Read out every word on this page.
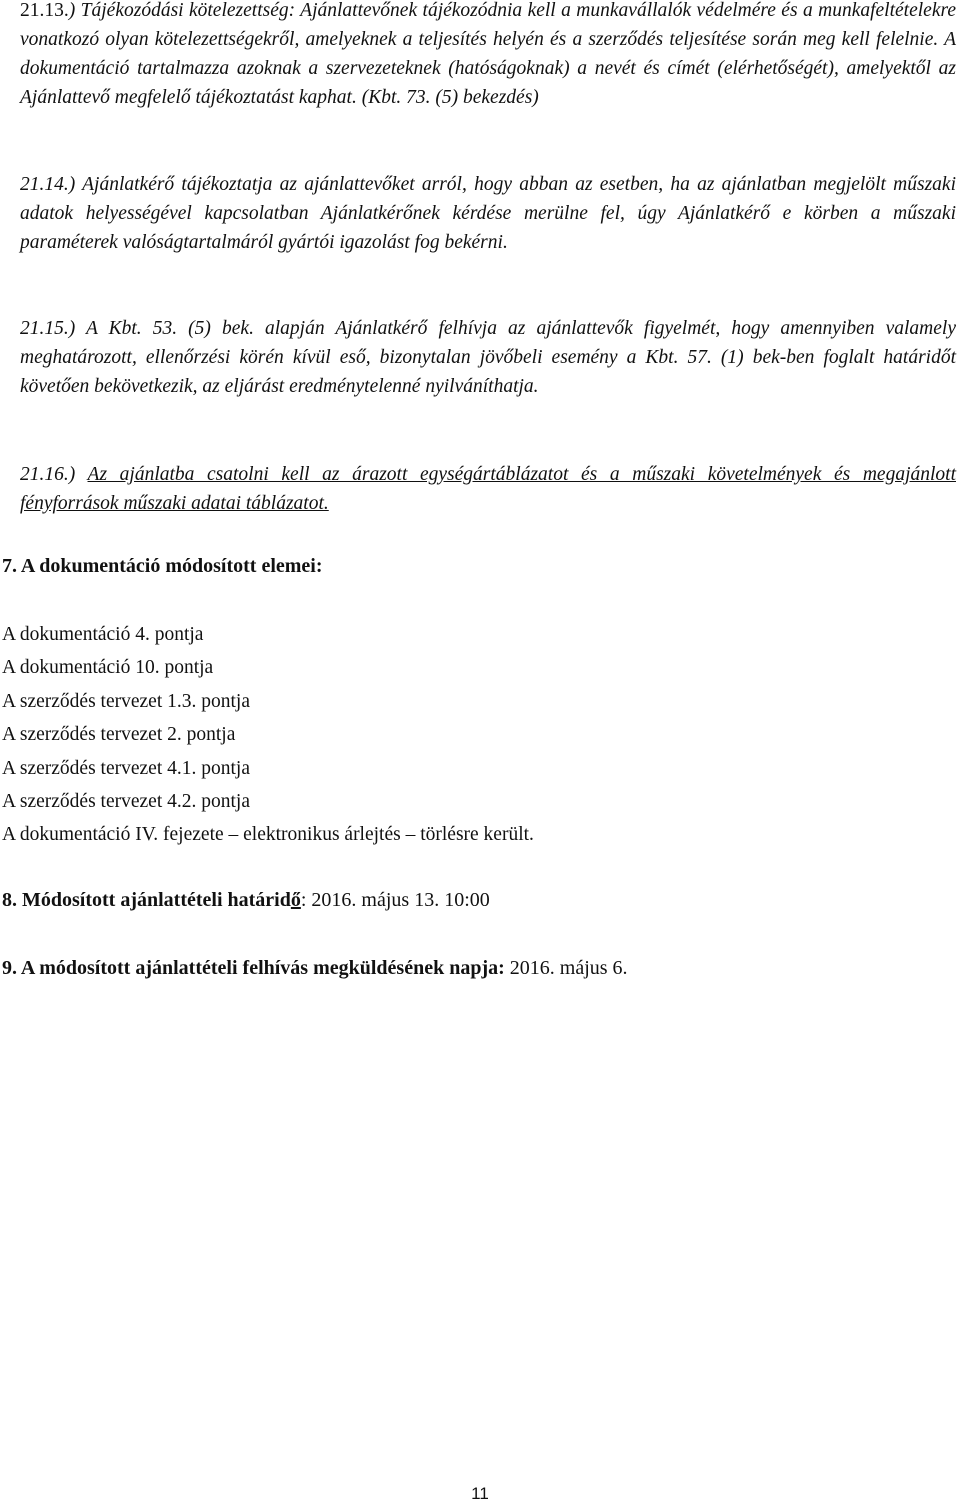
21.13.) Tájékozódási kötelezettség: Ajánlattevőnek tájékozódnia kell a munkavállalók védelmére és a munkafeltételekre vonatkozó olyan kötelezettségekről, amelyeknek a teljesítés helyén és a szerződés teljesítése során meg kell felelnie. A dokumentáció tartalmazza azoknak a szervezeteknek (hatóságoknak) a nevét és címét (elérhetőségét), amelyektől az Ajánlattevő megfelelő tájékoztatást kaphat. (Kbt. 73. (5) bekezdés)

21.14.) Ajánlatkérő tájékoztatja az ajánlattevőket arról, hogy abban az esetben, ha az ajánlatban megjelölt műszaki adatok helyességével kapcsolatban Ajánlatkérőnek kérdése merülne fel, úgy Ajánlatkérő e körben a műszaki paraméterek valóságtartalmáról gyártói igazolást fog bekérni.

21.15.) A Kbt. 53. (5) bek. alapján Ajánlatkérő felhívja az ajánlattevők figyelmét, hogy amennyiben valamely meghatározott, ellenőrzési körén kívül eső, bizonytalan jövőbeli esemény a Kbt. 57. (1) bek-ben foglalt határidőt követően bekövetkezik, az eljárást eredménytelenné nyilváníthatja.

21.16.) Az ajánlatba csatolni kell az árazott egységártáblázatot és a műszaki követelmények és megajánlott fényforrások műszaki adatai táblázatot.

7. A dokumentáció módosított elemei:

A dokumentáció 4. pontja
A dokumentáció 10. pontja
A szerződés tervezet 1.3. pontja
A szerződés tervezet 2. pontja
A szerződés tervezet 4.1. pontja
A szerződés tervezet 4.2. pontja
A dokumentáció IV. fejezete – elektronikus árlejtés – törlésre került.

8. Módosított ajánlattételi határidő: 2016. május 13. 10:00

9. A módosított ajánlattételi felhívás megküldésének napja: 2016. május 6.

11
